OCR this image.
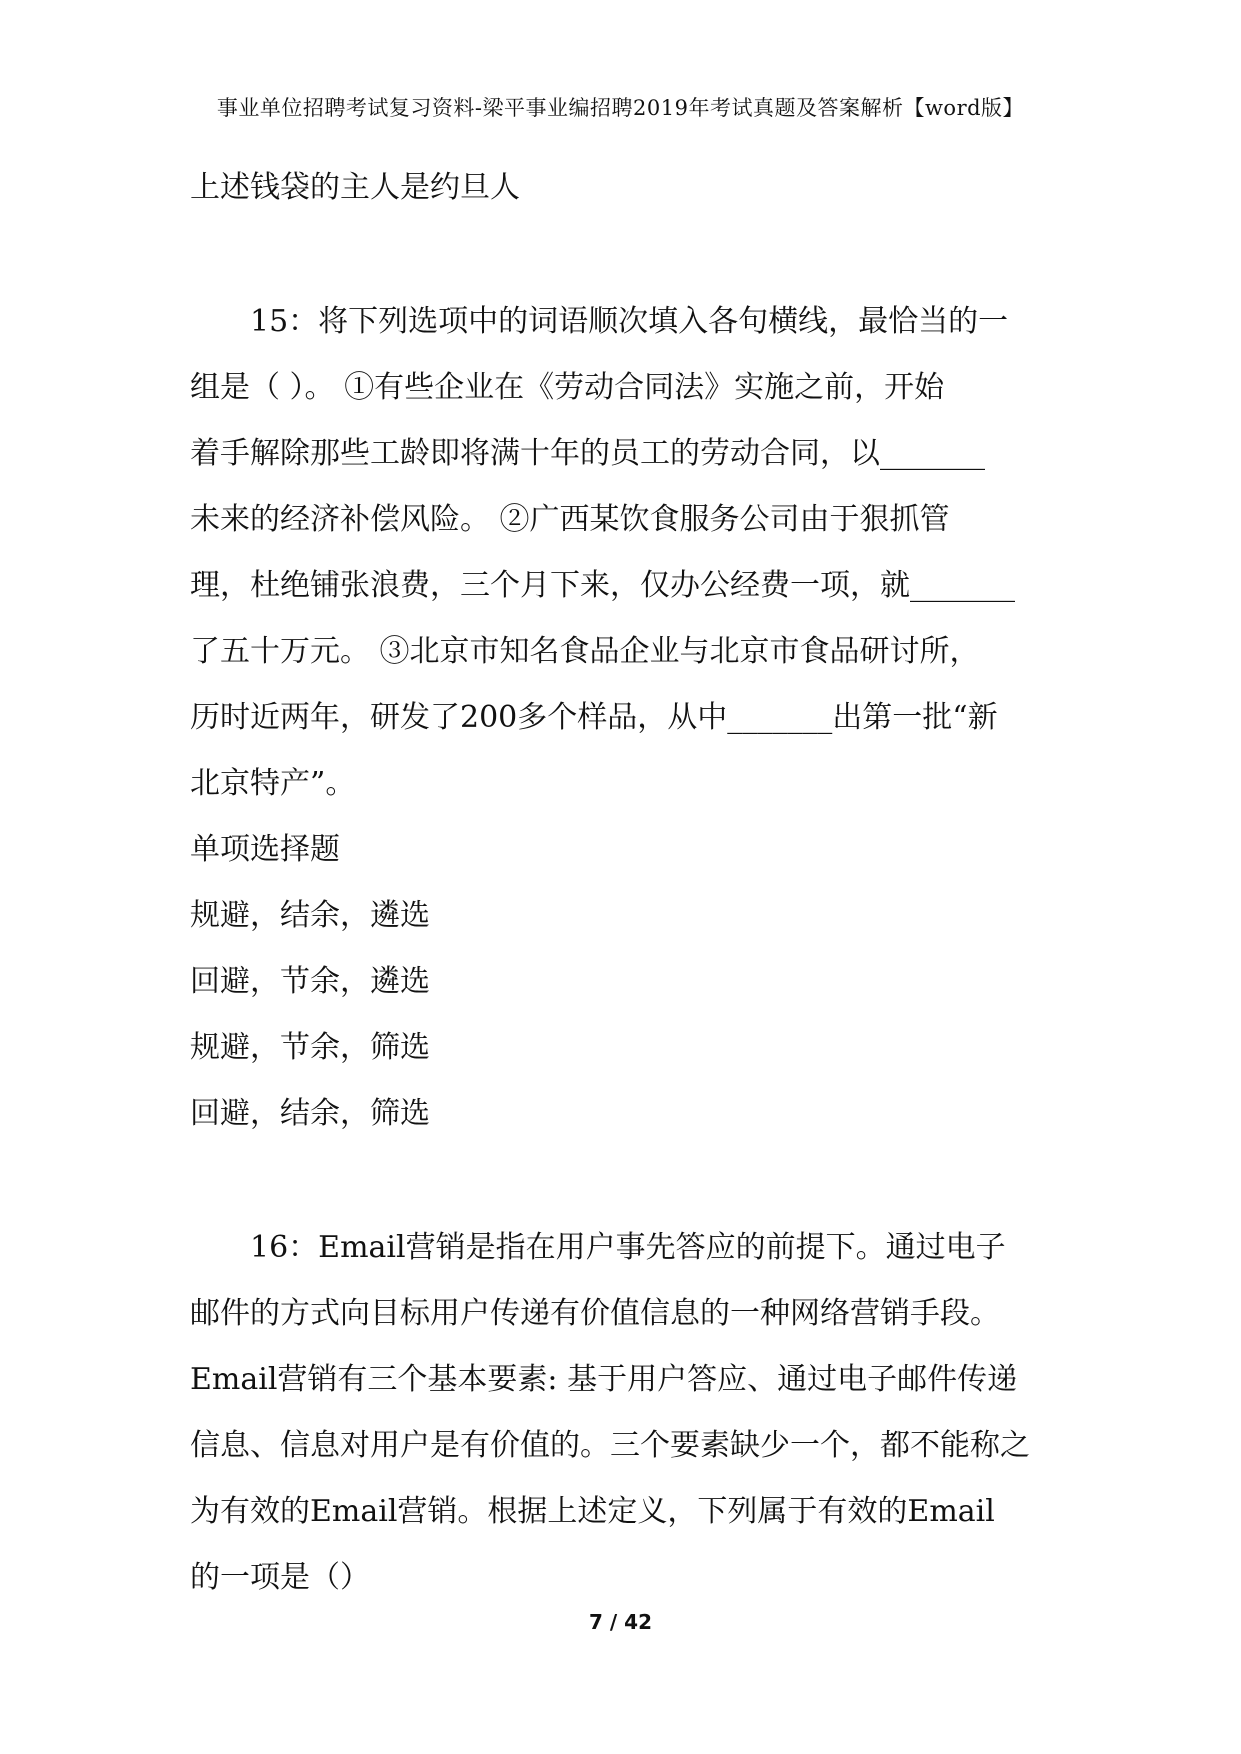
事业单位招聘考试复习资料-梁平事业编招聘2019年考试真题及答案解析【word版】
上述钱袋的主人是约旦人
15：将下列选项中的词语顺次填入各句横线，最恰当的一
组是（ ）。 ①有些企业在《劳动合同法》实施之前，开始
着手解除那些工龄即将满十年的员工的劳动合同，以_______
未来的经济补偿风险。 ②广西某饮食服务公司由于狠抓管
理，杜绝铺张浪费，三个月下来，仅办公经费一项，就_______
了五十万元。 ③北京市知名食品企业与北京市食品研讨所，
历时近两年，研发了200多个样品，从中_______出第一批“新
北京特产”。
单项选择题
规避，结余，遴选
回避，节余，遴选
规避，节余，筛选
回避，结余，筛选
16：Email营销是指在用户事先答应的前提下。通过电子
邮件的方式向目标用户传递有价值信息的一种网络营销手段。
Email营销有三个基本要素: 基于用户答应、通过电子邮件传递
信息、信息对用户是有价值的。三个要素缺少一个，都不能称之
为有效的Email营销。根据上述定义，下列属于有效的Email
的一项是（）
7 / 42
